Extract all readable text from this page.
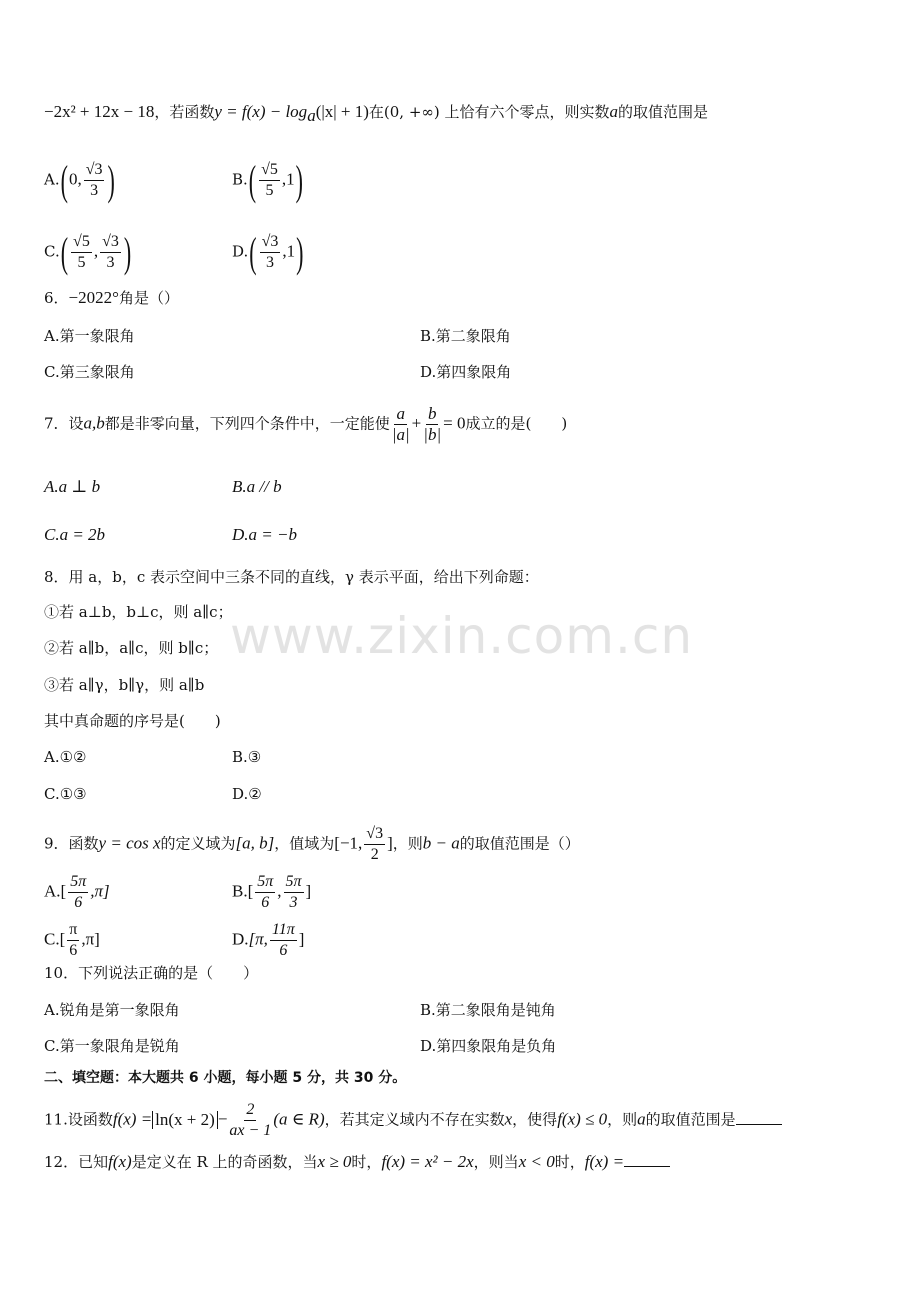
www.zixin.com.cn
−2x² + 12x − 18，若函数$y = f(x) - \log_a(|x| + 1)$在(0, +∞) 上恰有六个零点，则实数a的取值范围是
A.(0, $\frac{√3}{3}$ )	$B.( \frac{√5}{5} ,1)$
$C.( \frac{√5}{5}$ , $\frac{√3}{3}$ )	$D.( \frac{√3}{3} ,1)$
6．−2022°角是（）
A.第一象限角	B.第二象限角
C.第三象限角	D.第四象限角
7．设a,b都是非零向量，下列四个条件中，一定能使 $\frac{a}{|a|} + \frac{b}{|b|} = 0$成立的是(　　)
A.a ⊥ b	B.a // b
C.a = 2b	D.a = −b
8．用 a，b，c 表示空间中三条不同的直线，γ 表示平面，给出下列命题：
①若 a⊥b，b⊥c，则 a∥c；
②若 a∥b，a∥c，则 b∥c；
③若 a∥γ，b∥γ，则 a∥b
其中真命题的序号是(　　)
A.①②	B.③
C.①③	D.②
9．函数y = cos x的定义域为[a, b]，值域为[−1, $\frac{√3}{2}$ ]，则b − a的取值范围是（）
$A.[ \frac{5\pi}{6} ,\pi]$	$B.[ \frac{5\pi}{6}$ , $\frac{5\pi}{3}$ ]
$C.[ \frac{\pi}{6} ,\pi]$	D.[π, $\frac{11\pi}{6}$ ]
10．下列说法正确的是（　　）
A.锐角是第一象限角	B.第二象限角是钝角
C.第一象限角是锐角	D.第四象限角是负角
二、填空题：本大题共 6 小题，每小题 5 分，共 30 分。
11.设函数$f(x) = \ln(x + 2) - \frac{2}{ax - 1} (a$ ∈ R)，若其定义域内不存在实数x，使得f(x) ≤ 0，则a的取值范围是
12．已知f(x)是定义在 R 上的奇函数，当x ≥ 0时，f(x) = x² − 2x，则当x < 0时，f(x) =
